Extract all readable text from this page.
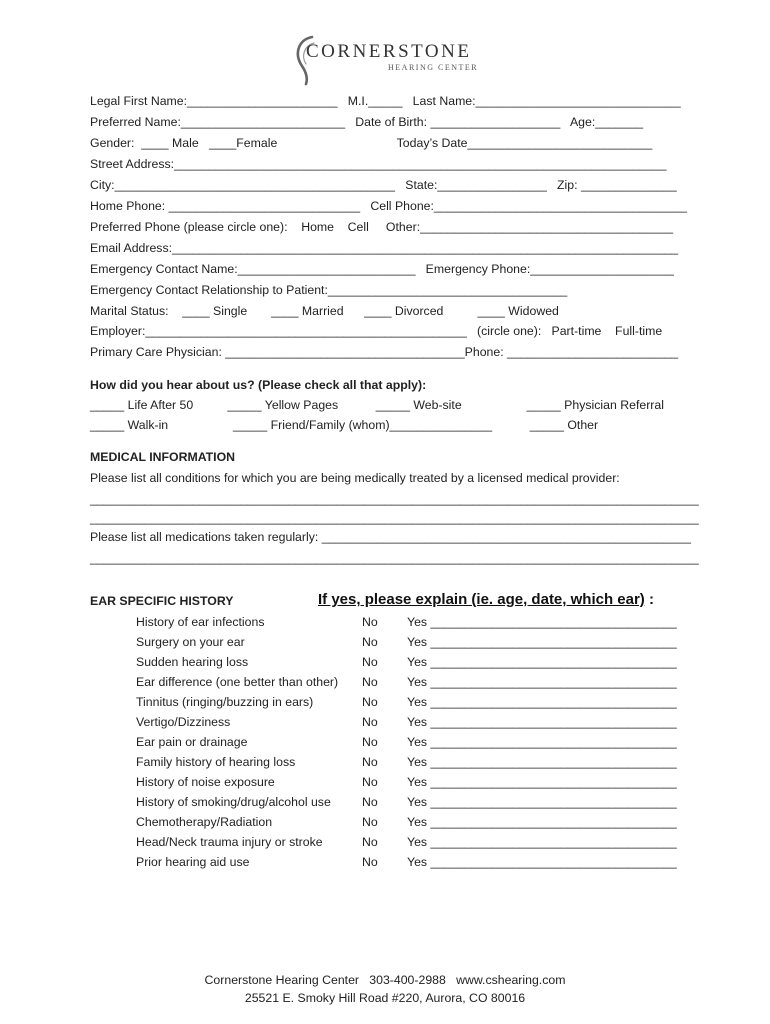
CORNERSTONE
HEARING CENTER
Legal First Name:______________________   M.I._____   Last Name:______________________________
Preferred Name:________________________   Date of Birth: ___________________   Age:_______
Gender:  ____ Male   ____Female                                   Today’s Date___________________________
Street Address:________________________________________________________________________
City:_________________________________________   State:________________   Zip: ______________
Home Phone: ____________________________   Cell Phone:_____________________________________
Preferred Phone (please circle one):    Home    Cell     Other:_____________________________________
Email Address:__________________________________________________________________________
Emergency Contact Name:__________________________   Emergency Phone:_____________________
Emergency Contact Relationship to Patient:___________________________________
Marital Status:    ____ Single       ____ Married      ____ Divorced          ____ Widowed
Employer:_______________________________________________   (circle one):   Part-time    Full-time
Primary Care Physician: ___________________________________Phone: _________________________
How did you hear about us? (Please check all that apply):
_____ Life After 50          _____ Yellow Pages           _____ Web-site                   _____ Physician Referral
_____ Walk-in                   _____ Friend/Family (whom)_______________           _____ Other
MEDICAL INFORMATION
Please list all conditions for which you are being medically treated by a licensed medical provider:
_________________________________________________________________________________________
_________________________________________________________________________________________
Please list all medications taken regularly: ______________________________________________________
_________________________________________________________________________________________
EAR SPECIFIC HISTORY	If yes, please explain (ie. age, date, which ear) :
History of ear infections	No Yes ____________________________________
Surgery on your ear	No Yes ____________________________________
Sudden hearing loss	No Yes ____________________________________
Ear difference (one better than other) No Yes ____________________________________
Tinnitus (ringing/buzzing in ears)	No Yes ____________________________________
Vertigo/Dizziness	No Yes ____________________________________
Ear pain or drainage	No Yes ____________________________________
Family history of hearing loss	No Yes ____________________________________
History of noise exposure	No Yes ____________________________________
History of smoking/drug/alcohol use	No Yes ____________________________________
Chemotherapy/Radiation	No Yes ____________________________________
Head/Neck trauma injury or stroke	No Yes ____________________________________
Prior hearing aid use	No Yes ____________________________________
Cornerstone Hearing Center   303-400-2988   www.cshearing.com
25521 E. Smoky Hill Road #220, Aurora, CO 80016
